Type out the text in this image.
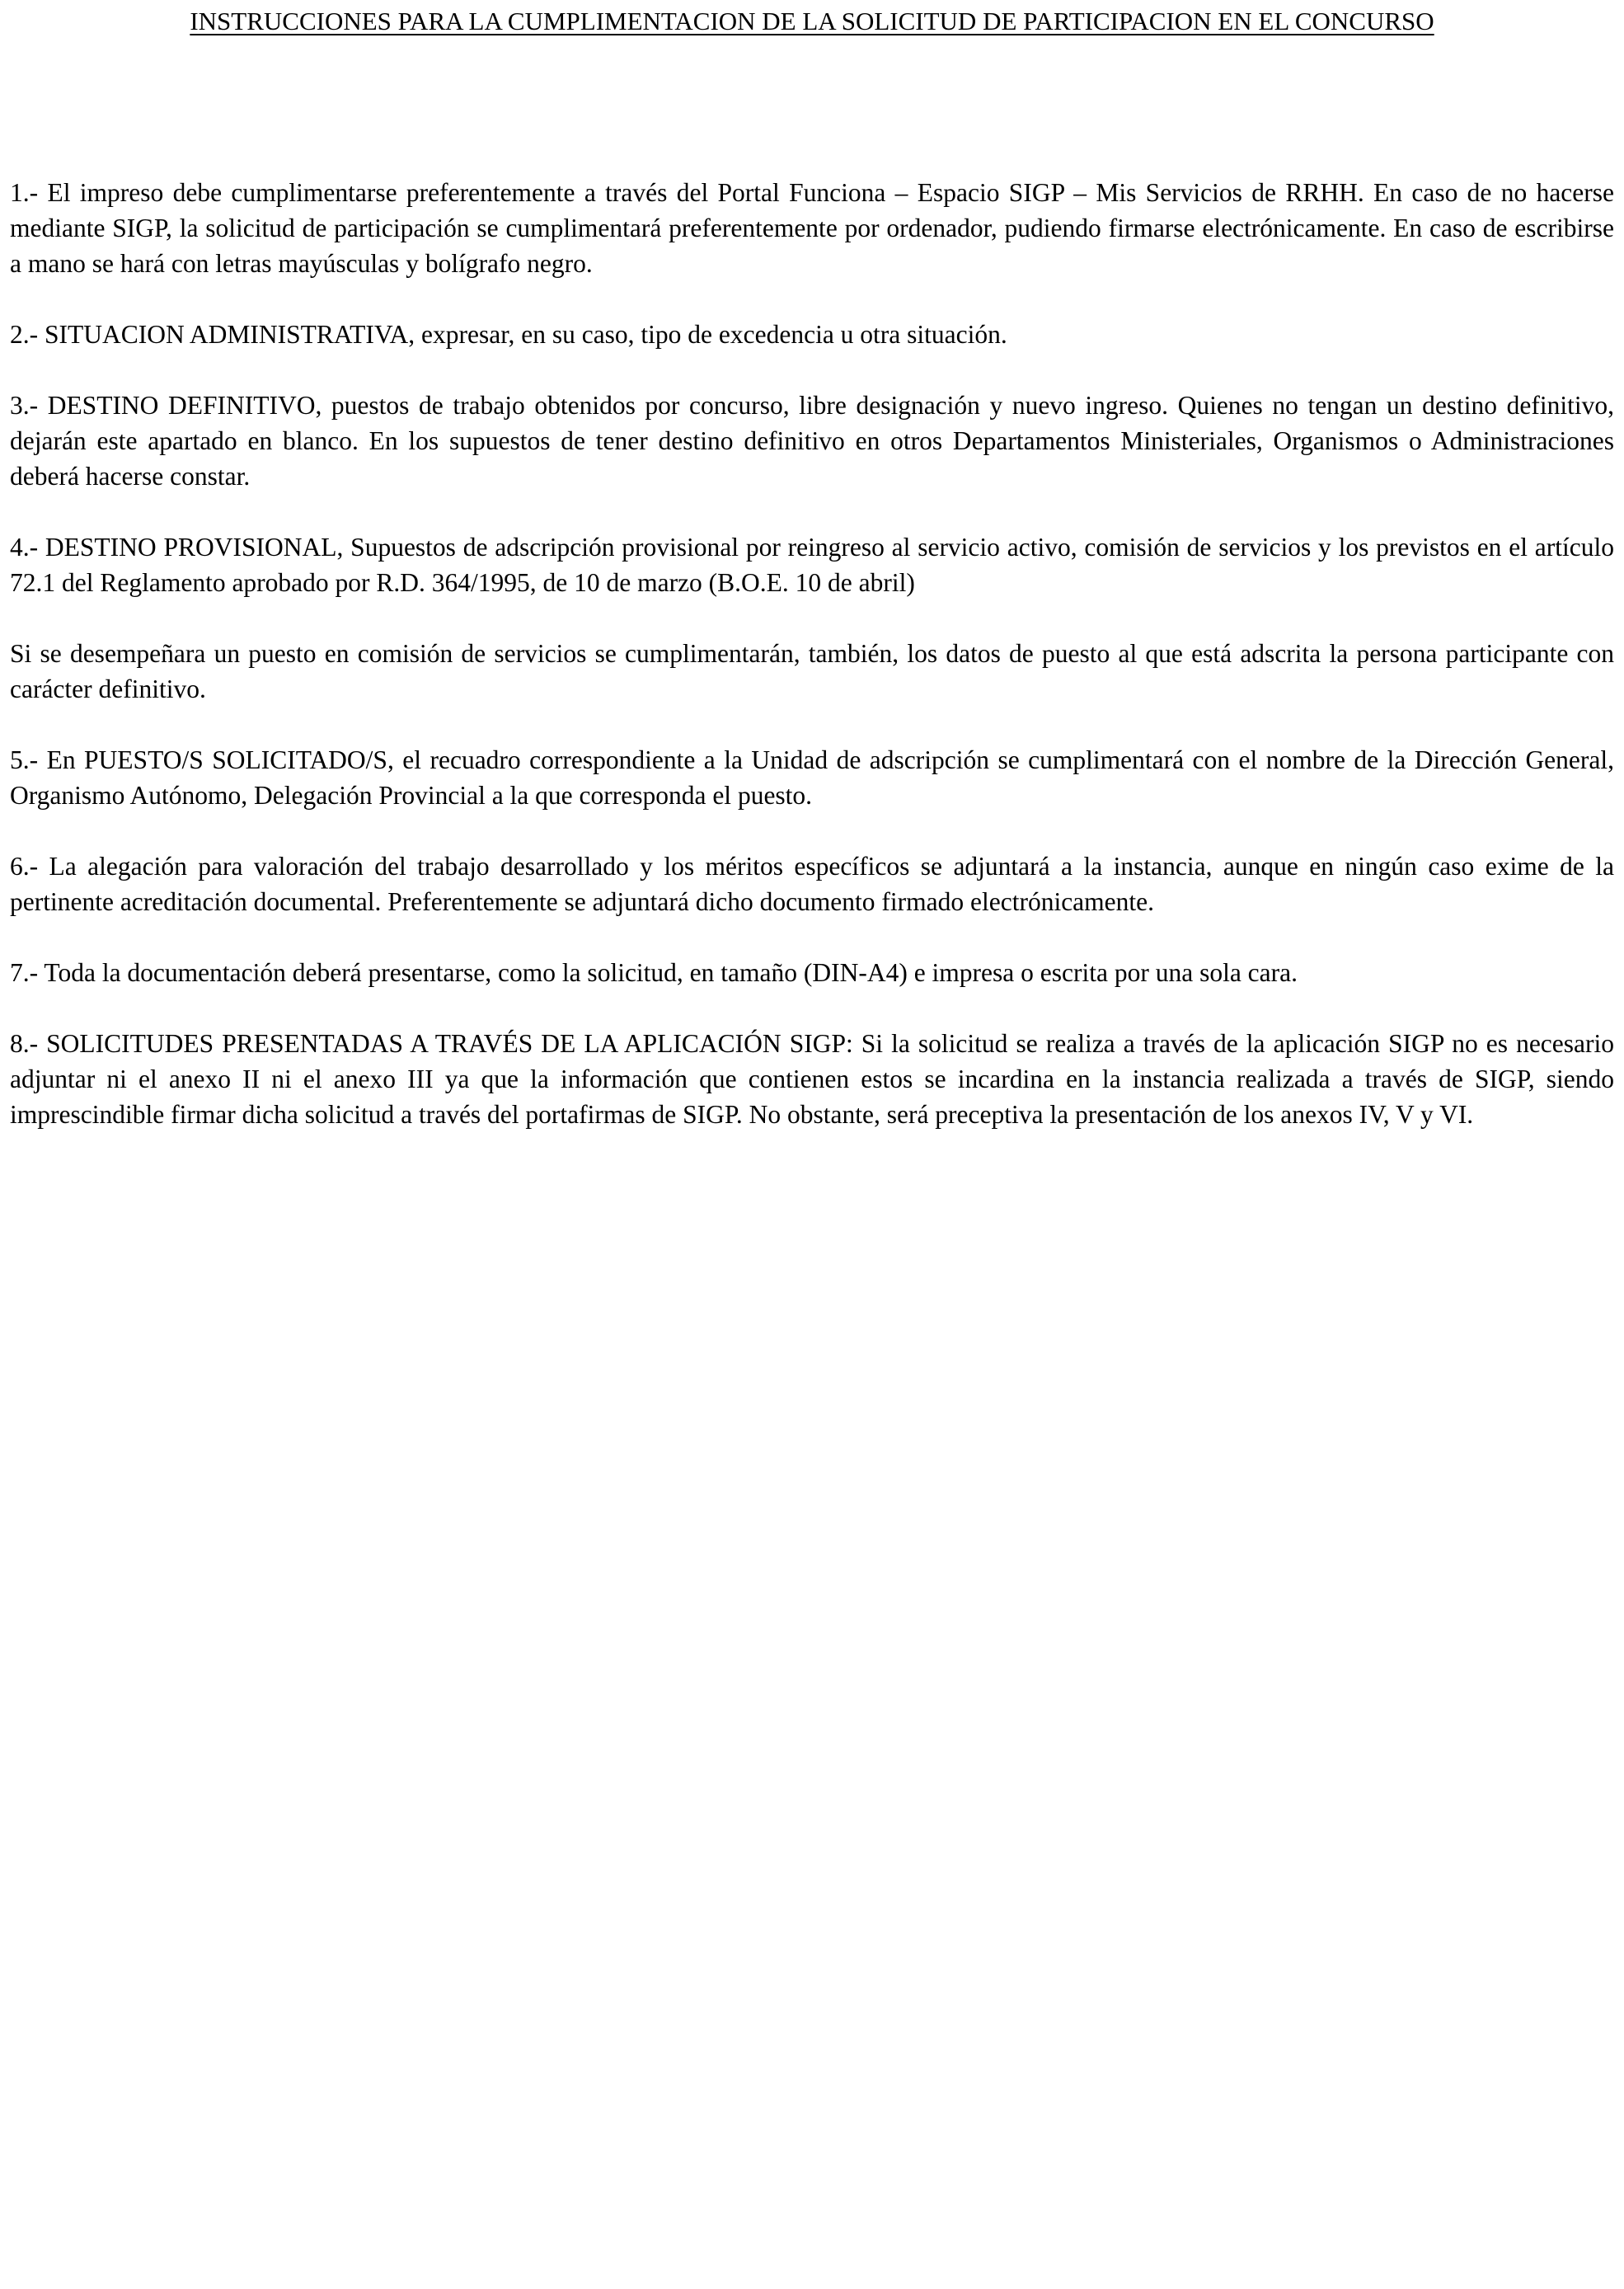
INSTRUCCIONES PARA LA CUMPLIMENTACION DE LA SOLICITUD DE PARTICIPACION EN EL CONCURSO

1.- El impreso debe cumplimentarse preferentemente a través del Portal Funciona – Espacio SIGP – Mis Servicios de RRHH. En caso de no hacerse mediante SIGP, la solicitud de participación se cumplimentará preferentemente por ordenador, pudiendo firmarse electrónicamente. En caso de escribirse a mano se hará con letras mayúsculas y bolígrafo negro.

2.- SITUACION ADMINISTRATIVA, expresar, en su caso, tipo de excedencia u otra situación.

3.- DESTINO DEFINITIVO, puestos de trabajo obtenidos por concurso, libre designación y nuevo ingreso. Quienes no tengan un destino definitivo, dejarán este apartado en blanco. En los supuestos de tener destino definitivo en otros Departamentos Ministeriales, Organismos o Administraciones deberá hacerse constar.

4.- DESTINO PROVISIONAL, Supuestos de adscripción provisional por reingreso al servicio activo, comisión de servicios y los previstos en el artículo 72.1 del Reglamento aprobado por R.D. 364/1995, de 10 de marzo (B.O.E. 10 de abril)

Si se desempeñara un puesto en comisión de servicios se cumplimentarán, también, los datos de puesto al que está adscrita la persona participante con carácter definitivo.

5.- En PUESTO/S SOLICITADO/S, el recuadro correspondiente a la Unidad de adscripción se cumplimentará con el nombre de la Dirección General, Organismo Autónomo, Delegación Provincial a la que corresponda el puesto.

6.- La alegación para valoración del trabajo desarrollado y los méritos específicos se adjuntará a la instancia, aunque en ningún caso exime de la pertinente acreditación documental. Preferentemente se adjuntará dicho documento firmado electrónicamente.

7.- Toda la documentación deberá presentarse, como la solicitud, en tamaño (DIN-A4) e impresa o escrita por una sola cara.

8.- SOLICITUDES PRESENTADAS A TRAVÉS DE LA APLICACIÓN SIGP: Si la solicitud se realiza a través de la aplicación SIGP no es necesario adjuntar ni el anexo II ni el anexo III ya que la información que contienen estos se incardina en la instancia realizada a través de SIGP, siendo imprescindible firmar dicha solicitud a través del portafirmas de SIGP. No obstante, será preceptiva la presentación de los anexos IV, V y VI.
